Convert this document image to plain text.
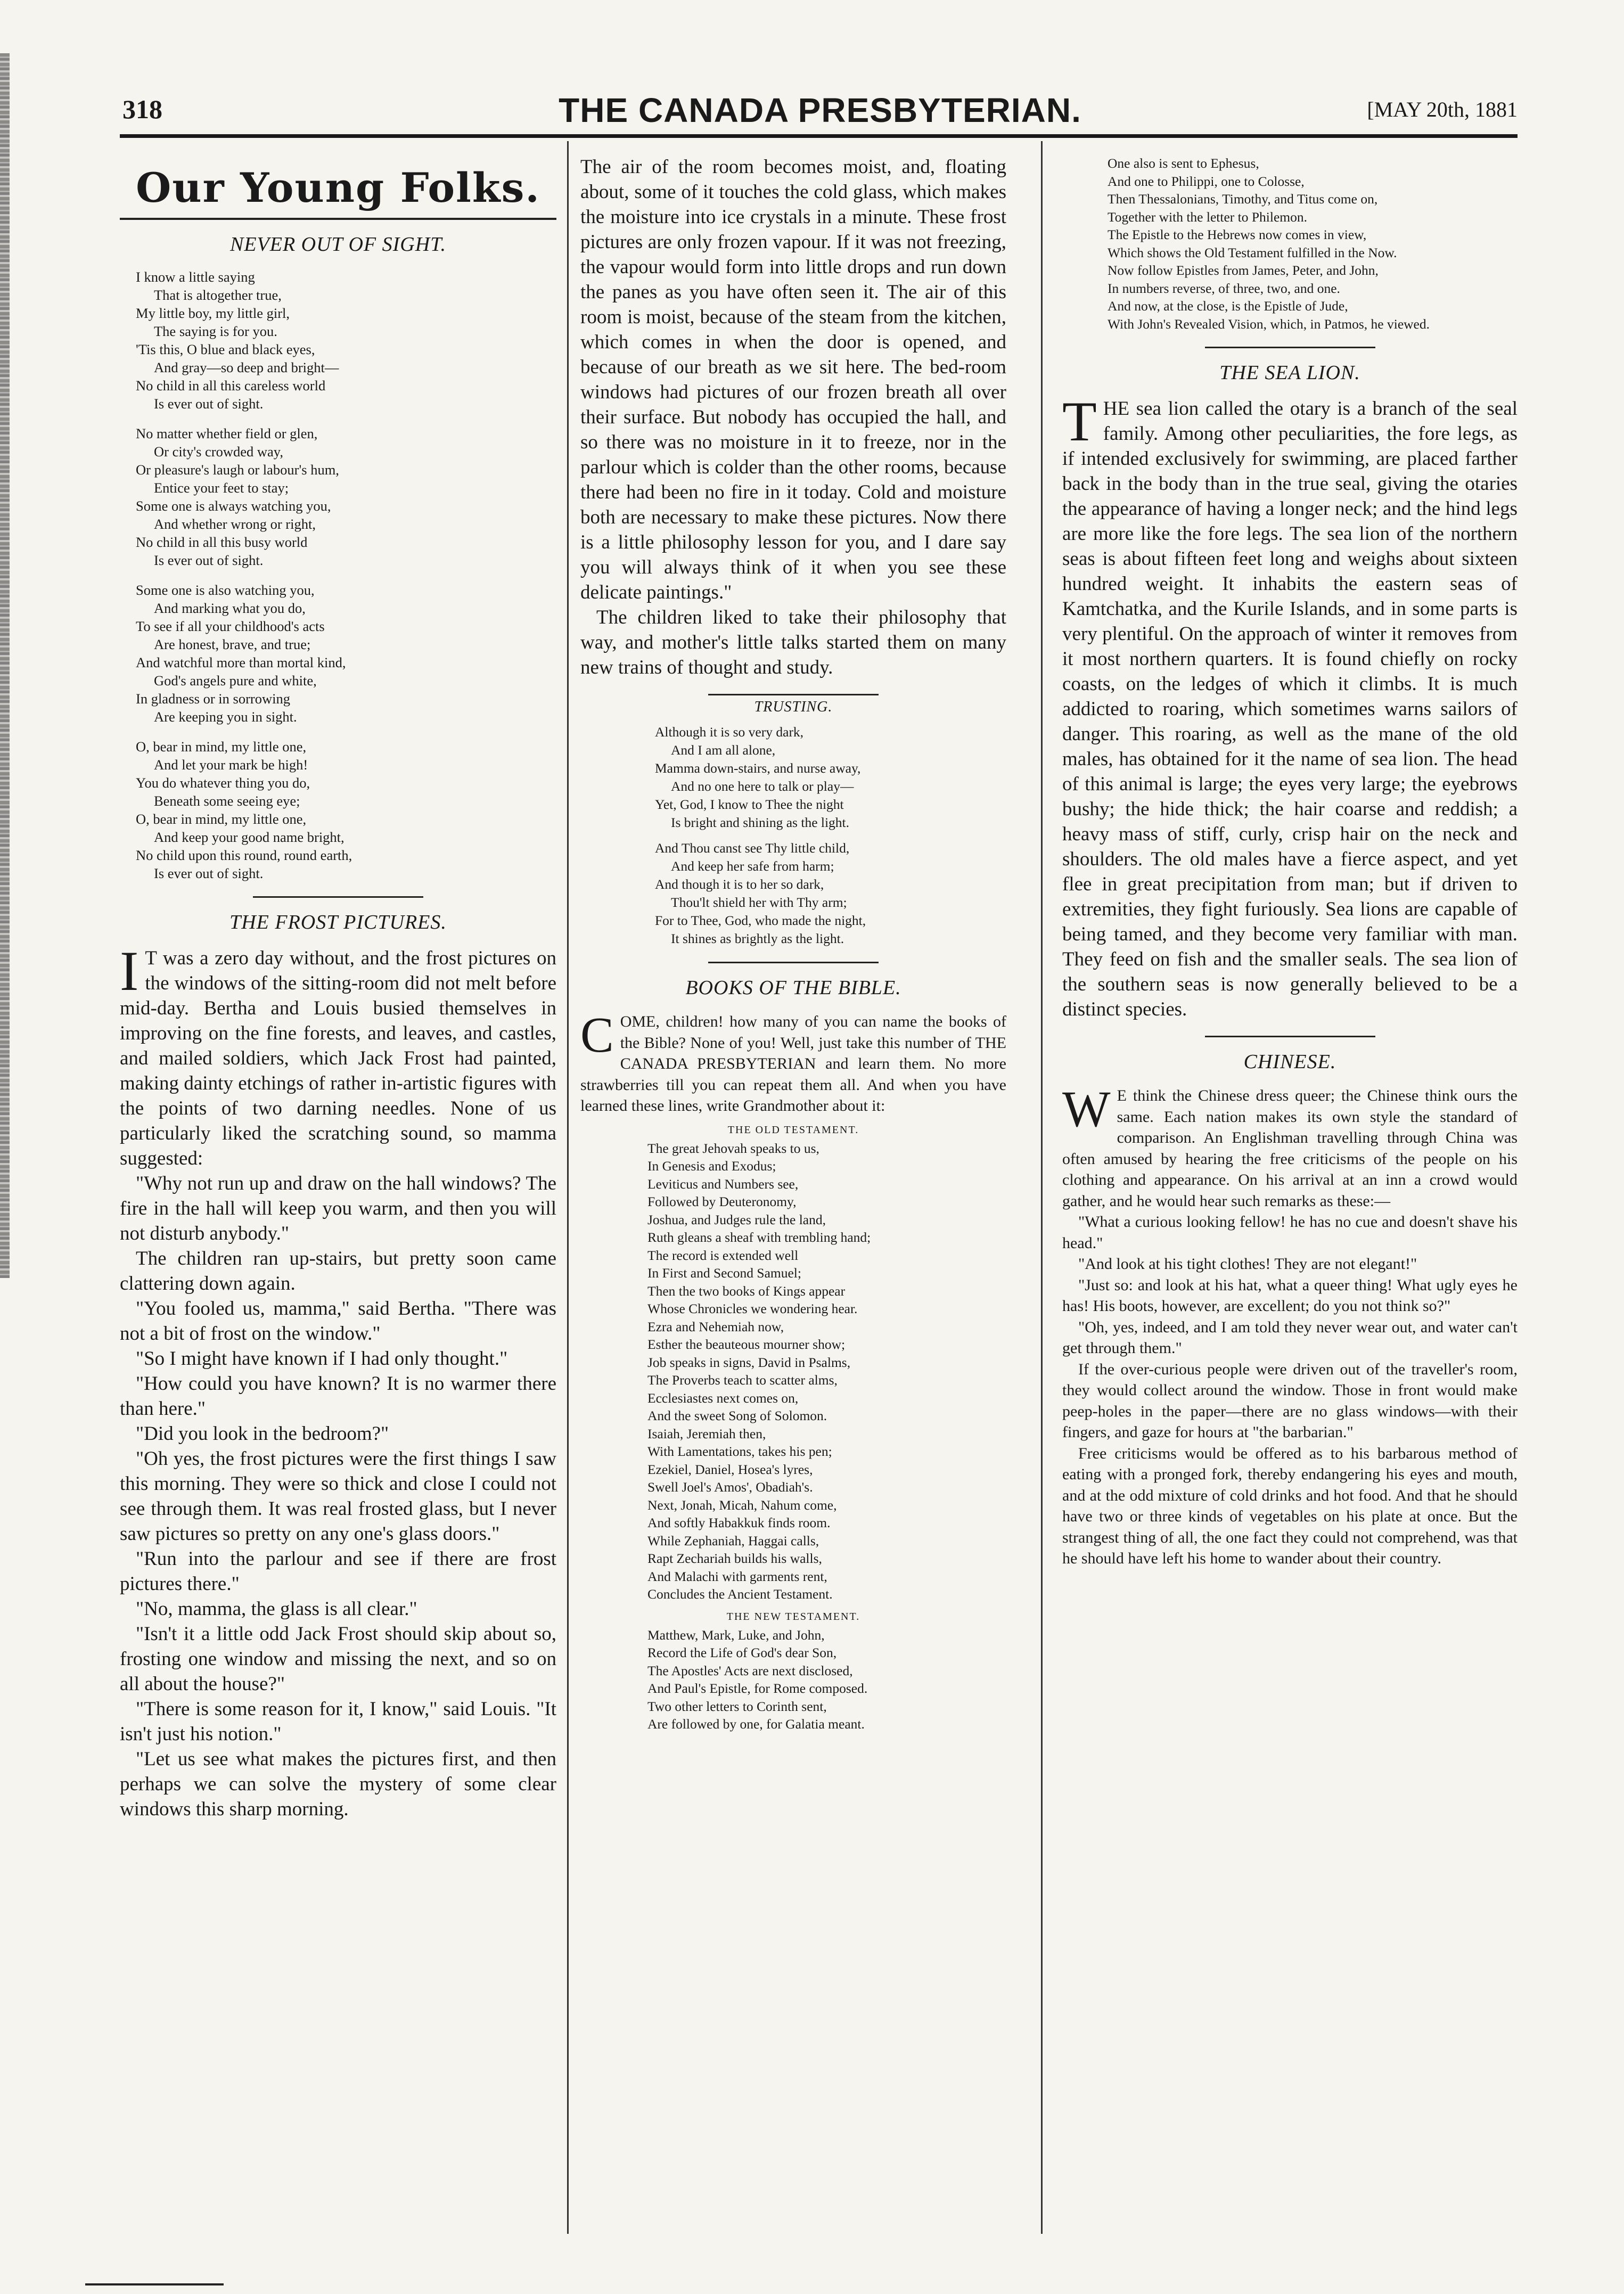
318	THE CANADA PRESBYTERIAN.	[MAY 20th, 1881
Our Young Folks.
NEVER OUT OF SIGHT.
I know a little saying
That is altogether true,
My little boy, my little girl,
The saying is for you.
'Tis this, O blue and black eyes,
And gray—so deep and bright—
No child in all this careless world
Is ever out of sight.
No matter whether field or glen,
Or city's crowded way,
Or pleasure's laugh or labour's hum,
Entice your feet to stay;
Some one is always watching you,
And whether wrong or right,
No child in all this busy world
Is ever out of sight.
Some one is also watching you,
And marking what you do,
To see if all your childhood's acts
Are honest, brave, and true;
And watchful more than mortal kind,
God's angels pure and white,
In gladness or in sorrowing
Are keeping you in sight.
O, bear in mind, my little one,
And let your mark be high!
You do whatever thing you do,
Beneath some seeing eye;
O, bear in mind, my little one,
And keep your good name bright,
No child upon this round, round earth,
Is ever out of sight.
THE FROST PICTURES.

I T was a zero day without, and the frost pictures on the windows of the sitting-room did not melt before mid-day. Bertha and Louis busied themselves in improving on the fine forests, and leaves, and castles, and mailed soldiers, which Jack Frost had painted, making dainty etchings of rather in-artistic figures with the points of two darning needles. None of us particularly liked the scratching sound, so mamma suggested:

"Why not run up and draw on the hall windows? The fire in the hall will keep you warm, and then you will not disturb anybody."

The children ran up-stairs, but pretty soon came clattering down again.

"You fooled us, mamma," said Bertha. "There was not a bit of frost on the window."

"So I might have known if I had only thought."

"How could you have known? It is no warmer there than here."

"Did you look in the bedroom?"

"Oh yes, the frost pictures were the first things I saw this morning. They were so thick and close I could not see through them. It was real frosted glass, but I never saw pictures so pretty on any one's glass doors."

"Run into the parlour and see if there are frost pictures there."

"No, mamma, the glass is all clear."

"Isn't it a little odd Jack Frost should skip about so, frosting one window and missing the next, and so on all about the house?"

"There is some reason for it, I know," said Louis. "It isn't just his notion."

"Let us see what makes the pictures first, and then perhaps we can solve the mystery of some clear windows this sharp morning.

The air of the room becomes moist, and, floating about, some of it touches the cold glass, which makes the moisture into ice crystals in a minute. These frost pictures are only frozen vapour. If it was not freezing, the vapour would form into little drops and run down the panes as you have often seen it. The air of this room is moist, because of the steam from the kitchen, which comes in when the door is opened, and because of our breath as we sit here. The bed-room windows had pictures of our frozen breath all over their surface. But nobody has occupied the hall, and so there was no moisture in it to freeze, nor in the parlour which is colder than the other rooms, because there had been no fire in it today. Cold and moisture both are necessary to make these pictures. Now there is a little philosophy lesson for you, and I dare say you will always think of it when you see these delicate paintings."

The children liked to take their philosophy that way, and mother's little talks started them on many new trains of thought and study.

TRUSTING.
Although it is so very dark,
And I am all alone,
Mamma down-stairs, and nurse away,
And no one here to talk or play—
Yet, God, I know to Thee the night
Is bright and shining as the light.
And Thou canst see Thy little child,
And keep her safe from harm;
And though it is to her so dark,
Thou'lt shield her with Thy arm;
For to Thee, God, who made the night,
It shines as brightly as the light.
BOOKS OF THE BIBLE.

COME, children! how many of you can name the books of the Bible? None of you! Well, just take this number of THE CANADA PRESBYTERIAN and learn them. No more strawberries till you can repeat them all. And when you have learned these lines, write Grandmother about it:

THE OLD TESTAMENT.
The great Jehovah speaks to us,
In Genesis and Exodus;
Leviticus and Numbers see,
Followed by Deuteronomy,
Joshua, and Judges rule the land,
Ruth gleans a sheaf with trembling hand;
The record is extended well
In First and Second Samuel;
Then the two books of Kings appear
Whose Chronicles we wondering hear.
Ezra and Nehemiah now,
Esther the beauteous mourner show;
Job speaks in signs, David in Psalms,
The Proverbs teach to scatter alms,
Ecclesiastes next comes on,
And the sweet Song of Solomon.
Isaiah, Jeremiah then,
With Lamentations, takes his pen;
Ezekiel, Daniel, Hosea's lyres,
Swell Joel's Amos', Obadiah's.
Next, Jonah, Micah, Nahum come,
And softly Habakkuk finds room.
While Zephaniah, Haggai calls,
Rapt Zechariah builds his walls,
And Malachi with garments rent,
Concludes the Ancient Testament.
THE NEW TESTAMENT.
Matthew, Mark, Luke, and John,
Record the Life of God's dear Son,
The Apostles' Acts are next disclosed,
And Paul's Epistle, for Rome composed.
Two other letters to Corinth sent,
Are followed by one, for Galatia meant.
One also is sent to Ephesus,
And one to Philippi, one to Colosse,
Then Thessalonians, Timothy, and Titus come on,
Together with the letter to Philemon.
The Epistle to the Hebrews now comes in view,
Which shows the Old Testament fulfilled in the Now.
Now follow Epistles from James, Peter, and John,
In numbers reverse, of three, two, and one.
And now, at the close, is the Epistle of Jude,
With John's Revealed Vision, which, in Patmos, he viewed.
THE SEA LION.

THE sea lion called the otary is a branch of the seal family. Among other peculiarities, the fore legs, as if intended exclusively for swimming, are placed farther back in the body than in the true seal, giving the otaries the appearance of having a longer neck; and the hind legs are more like the fore legs. The sea lion of the northern seas is about fifteen feet long and weighs about sixteen hundred weight. It inhabits the eastern seas of Kamtchatka, and the Kurile Islands, and in some parts is very plentiful. On the approach of winter it removes from it most northern quarters. It is found chiefly on rocky coasts, on the ledges of which it climbs. It is much addicted to roaring, which sometimes warns sailors of danger. This roaring, as well as the mane of the old males, has obtained for it the name of sea lion. The head of this animal is large; the eyes very large; the eyebrows bushy; the hide thick; the hair coarse and reddish; a heavy mass of stiff, curly, crisp hair on the neck and shoulders. The old males have a fierce aspect, and yet flee in great precipitation from man; but if driven to extremities, they fight furiously. Sea lions are capable of being tamed, and they become very familiar with man. They feed on fish and the smaller seals. The sea lion of the southern seas is now generally believed to be a distinct species.

CHINESE.

W E think the Chinese dress queer; the Chinese think ours the same. Each nation makes its own style the standard of comparison. An Englishman travelling through China was often amused by hearing the free criticisms of the people on his clothing and appearance. On his arrival at an inn a crowd would gather, and he would hear such remarks as these:—

"What a curious looking fellow! he has no cue and doesn't shave his head."

"And look at his tight clothes! They are not elegant!"

"Just so: and look at his hat, what a queer thing! What ugly eyes he has! His boots, however, are excellent; do you not think so?"

"Oh, yes, indeed, and I am told they never wear out, and water can't get through them."

If the over-curious people were driven out of the traveller's room, they would collect around the window. Those in front would make peep-holes in the paper—there are no glass windows—with their fingers, and gaze for hours at "the barbarian."

Free criticisms would be offered as to his barbarous method of eating with a pronged fork, thereby endangering his eyes and mouth, and at the odd mixture of cold drinks and hot food. And that he should have two or three kinds of vegetables on his plate at once. But the strangest thing of all, the one fact they could not comprehend, was that he should have left his home to wander about their country.
